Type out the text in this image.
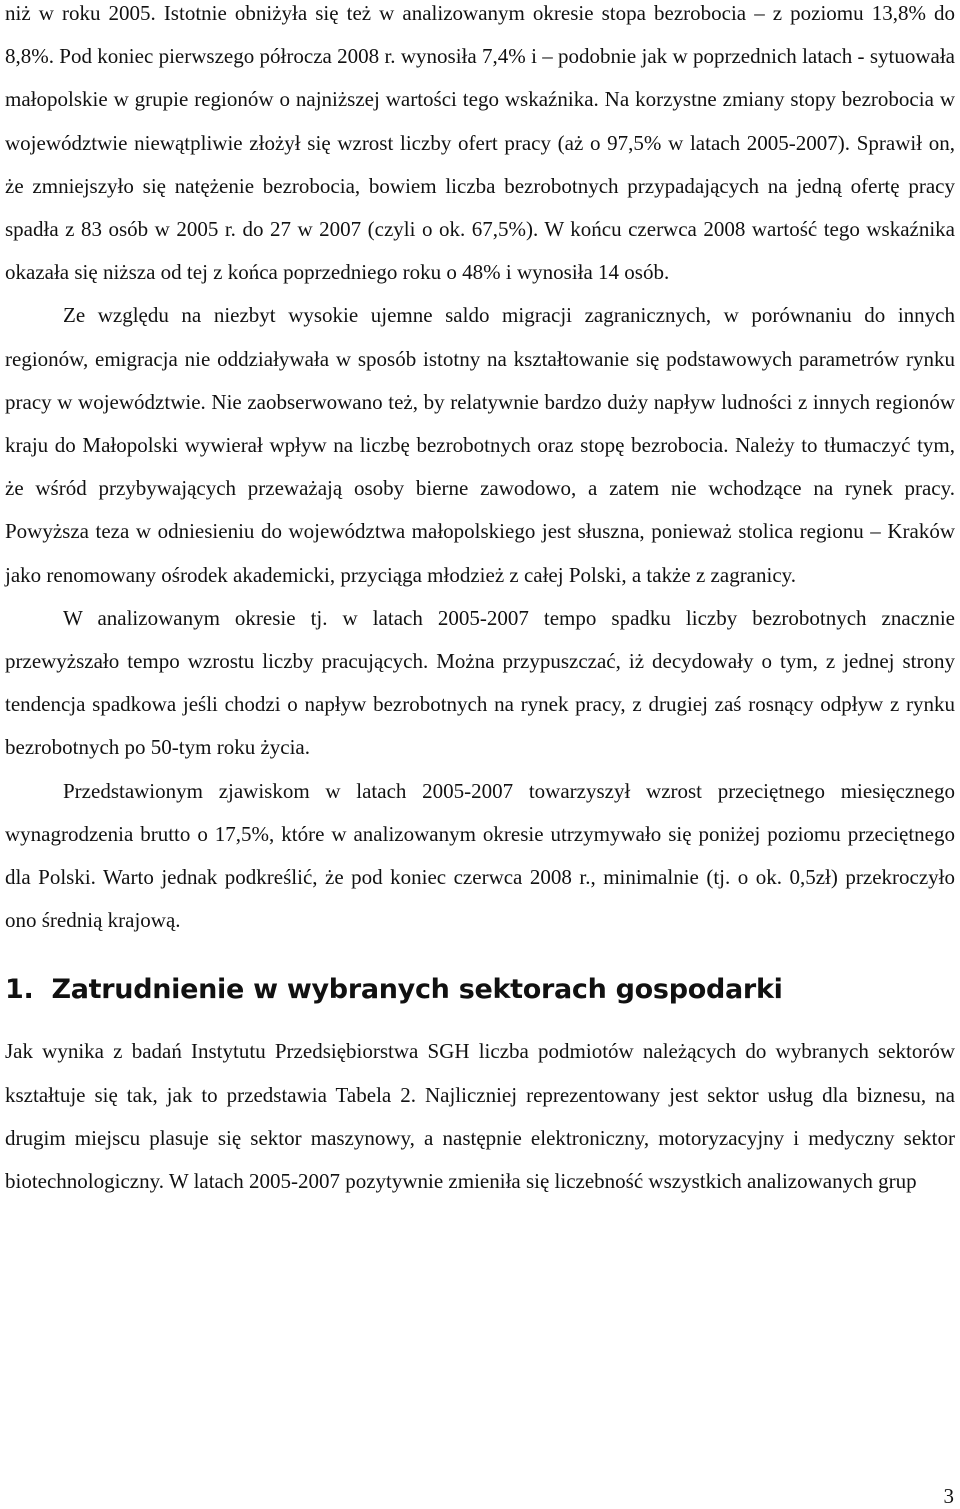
niż w roku 2005. Istotnie obniżyła się też w analizowanym okresie stopa bezrobocia – z poziomu 13,8% do 8,8%. Pod koniec pierwszego półrocza 2008 r. wynosiła 7,4% i – podobnie jak w poprzednich latach - sytuowała małopolskie w grupie regionów o najniższej wartości tego wskaźnika. Na korzystne zmiany stopy bezrobocia w województwie niewątpliwie złożył się wzrost liczby ofert pracy (aż o 97,5% w latach 2005-2007). Sprawił on, że zmniejszyło się natężenie bezrobocia, bowiem liczba bezrobotnych przypadających na jedną ofertę pracy spadła z 83 osób w 2005 r. do 27 w 2007 (czyli o ok. 67,5%). W końcu czerwca 2008 wartość tego wskaźnika okazała się niższa od tej z końca poprzedniego roku o 48% i wynosiła 14 osób.

Ze względu na niezbyt wysokie ujemne saldo migracji zagranicznych, w porównaniu do innych regionów, emigracja nie oddziaływała w sposób istotny na kształtowanie się podstawowych parametrów rynku pracy w województwie. Nie zaobserwowano też, by relatywnie bardzo duży napływ ludności z innych regionów kraju do Małopolski wywierał wpływ na liczbę bezrobotnych oraz stopę bezrobocia. Należy to tłumaczyć tym, że wśród przybywających przeważają osoby bierne zawodowo, a zatem nie wchodzące na rynek pracy. Powyższa teza w odniesieniu do województwa małopolskiego jest słuszna, ponieważ stolica regionu – Kraków jako renomowany ośrodek akademicki, przyciąga młodzież z całej Polski, a także z zagranicy.

W analizowanym okresie tj. w latach 2005-2007 tempo spadku liczby bezrobotnych znacznie przewyższało tempo wzrostu liczby pracujących. Można przypuszczać, iż decydowały o tym, z jednej strony tendencja spadkowa jeśli chodzi o napływ bezrobotnych na rynek pracy, z drugiej zaś rosnący odpływ z rynku bezrobotnych po 50-tym roku życia.

Przedstawionym zjawiskom w latach 2005-2007 towarzyszył wzrost przeciętnego miesięcznego wynagrodzenia brutto o 17,5%, które w analizowanym okresie utrzymywało się poniżej poziomu przeciętnego dla Polski. Warto jednak podkreślić, że pod koniec czerwca 2008 r., minimalnie (tj. o ok. 0,5zł) przekroczyło ono średnią krajową.

1. Zatrudnienie w wybranych sektorach gospodarki

Jak wynika z badań Instytutu Przedsiębiorstwa SGH liczba podmiotów należących do wybranych sektorów kształtuje się tak, jak to przedstawia Tabela 2. Najliczniej reprezentowany jest sektor usług dla biznesu, na drugim miejscu plasuje się sektor maszynowy, a następnie elektroniczny, motoryzacyjny i medyczny sektor biotechnologiczny. W latach 2005-2007 pozytywnie zmieniła się liczebność wszystkich analizowanych grup

3
